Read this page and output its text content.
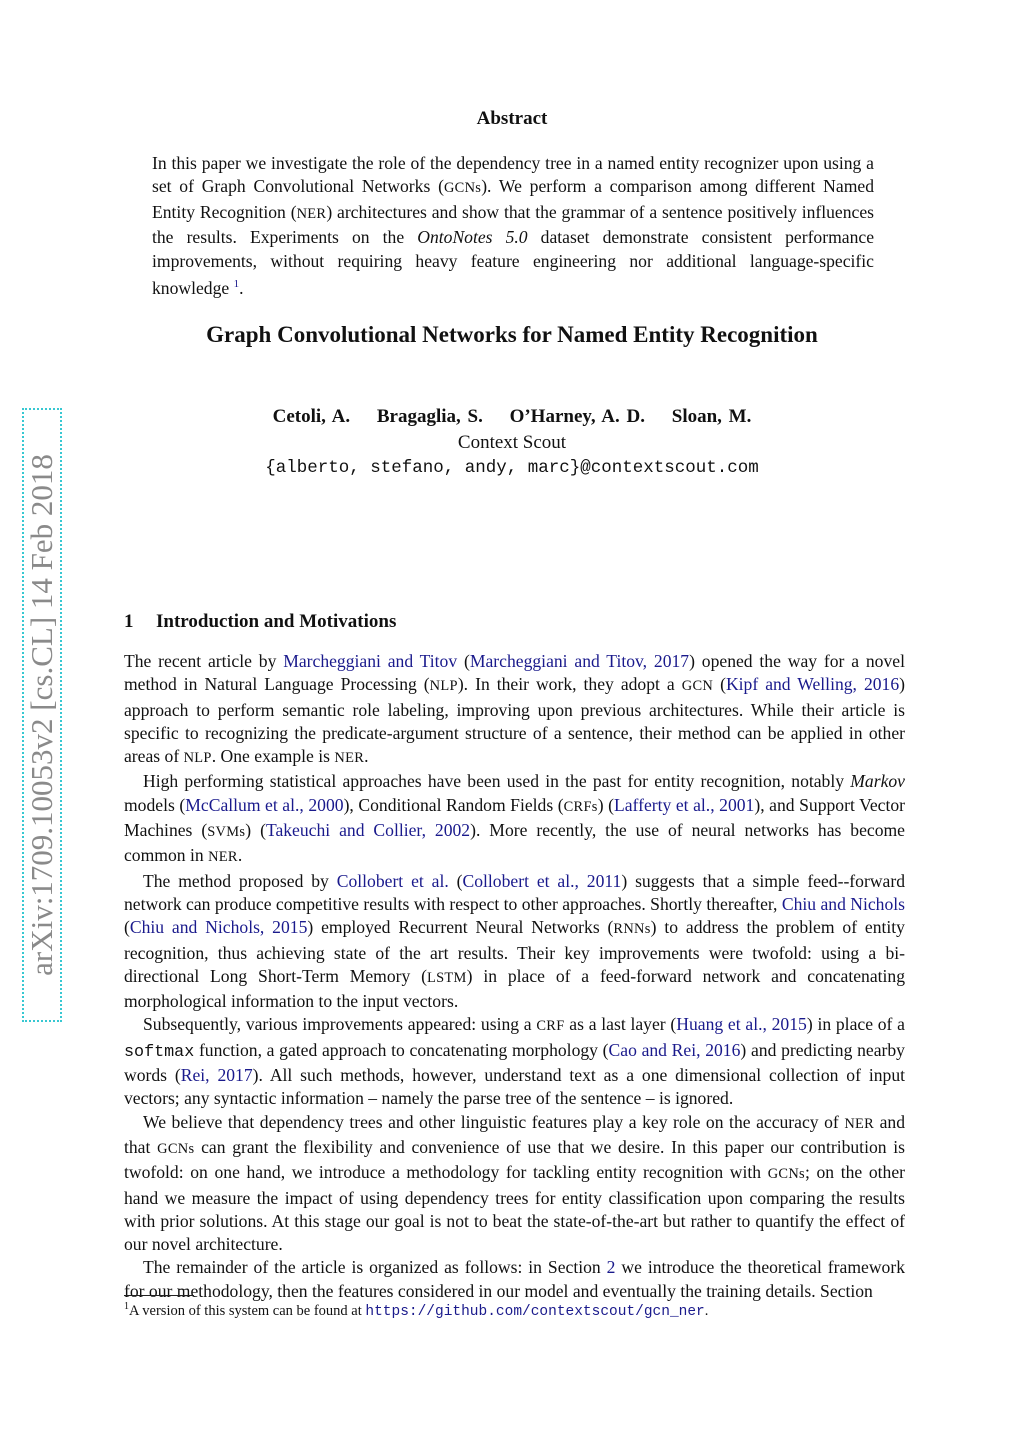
arXiv:1709.10053v2 [cs.CL] 14 Feb 2018
Abstract
In this paper we investigate the role of the dependency tree in a named entity recognizer upon using a set of Graph Convolutional Networks (GCNs). We perform a comparison among different Named Entity Recognition (NER) architectures and show that the grammar of a sentence positively influences the results. Experiments on the OntoNotes 5.0 dataset demonstrate consistent performance improvements, without requiring heavy feature engineering nor additional language-specific knowledge $^1$.
Graph Convolutional Networks for Named Entity Recognition
Cetoli, A. Bragaglia, S. O’Harney, A. D. Sloan, M.
Context Scout
{alberto, stefano, andy, marc}@contextscout.com
1 Introduction and Motivations

The recent article by Marcheggiani and Titov (Marcheggiani and Titov, 2017) opened the way for a novel method in Natural Language Processing (NLP). In their work, they adopt a GCN (Kipf and Welling, 2016) approach to perform semantic role labeling, improving upon previous architectures. While their article is specific to recognizing the predicate-argument structure of a sentence, their method can be applied in other areas of NLP. One example is NER.

High performing statistical approaches have been used in the past for entity recognition, notably Markov models (McCallum et al., 2000), Conditional Random Fields (CRFs) (Lafferty et al., 2001), and Support Vector Machines (SVMs) (Takeuchi and Collier, 2002). More recently, the use of neural networks has become common in NER.

The method proposed by Collobert et al. (Collobert et al., 2011) suggests that a simple feed--forward network can produce competitive results with respect to other approaches. Shortly thereafter, Chiu and Nichols (Chiu and Nichols, 2015) employed Recurrent Neural Networks (RNNs) to address the problem of entity recognition, thus achieving state of the art results. Their key improvements were twofold: using a bi-directional Long Short-Term Memory (LSTM) in place of a feed-forward network and concatenating morphological information to the input vectors.

Subsequently, various improvements appeared: using a CRF as a last layer (Huang et al., 2015) in place of a softmax function, a gated approach to concatenating morphology (Cao and Rei, 2016) and predicting nearby words (Rei, 2017). All such methods, however, understand text as a one dimensional collection of input vectors; any syntactic information – namely the parse tree of the sentence – is ignored.

We believe that dependency trees and other linguistic features play a key role on the accuracy of NER and that GCNs can grant the flexibility and convenience of use that we desire. In this paper our contribution is twofold: on one hand, we introduce a methodology for tackling entity recognition with GCNs; on the other hand we measure the impact of using dependency trees for entity classification upon comparing the results with prior solutions. At this stage our goal is not to beat the state-of-the-art but rather to quantify the effect of our novel architecture.

The remainder of the article is organized as follows: in Section 2 we introduce the theoretical framework for our methodology, then the features considered in our model and eventually the training details. Section

$^1$A version of this system can be found at https://github.com/contextscout/gcn_ner.
